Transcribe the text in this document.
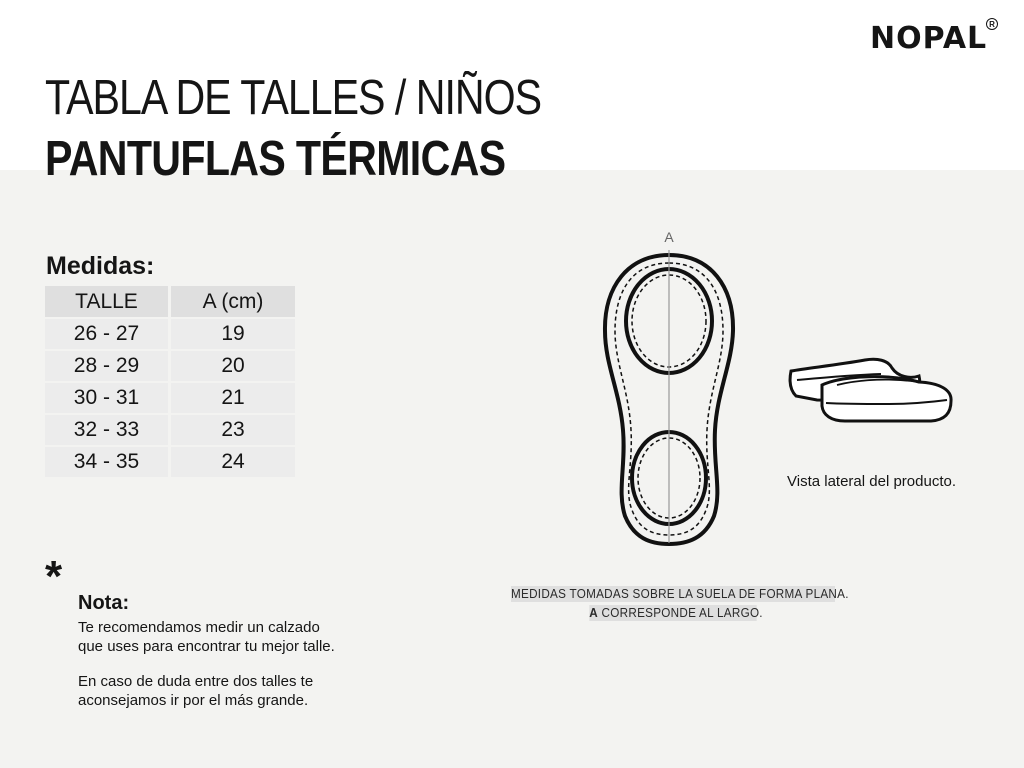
TABLA DE TALLES / NIÑOS
PANTUFLAS TÉRMICAS
NOPAL R
Medidas:
TALLE	A (cm)
26 - 27	19
28 - 29	20
30 - 31	21
32 - 33	23
34 - 35	24
*
Nota:

Te recomendamos medir un calzado
que uses para encontrar tu mejor talle.

En caso de duda entre dos talles te
aconsejamos ir por el más grande.

A

Vista lateral del producto.

MEDIDAS TOMADAS SOBRE LA SUELA DE FORMA PLANA.
A CORRESPONDE AL LARGO.
